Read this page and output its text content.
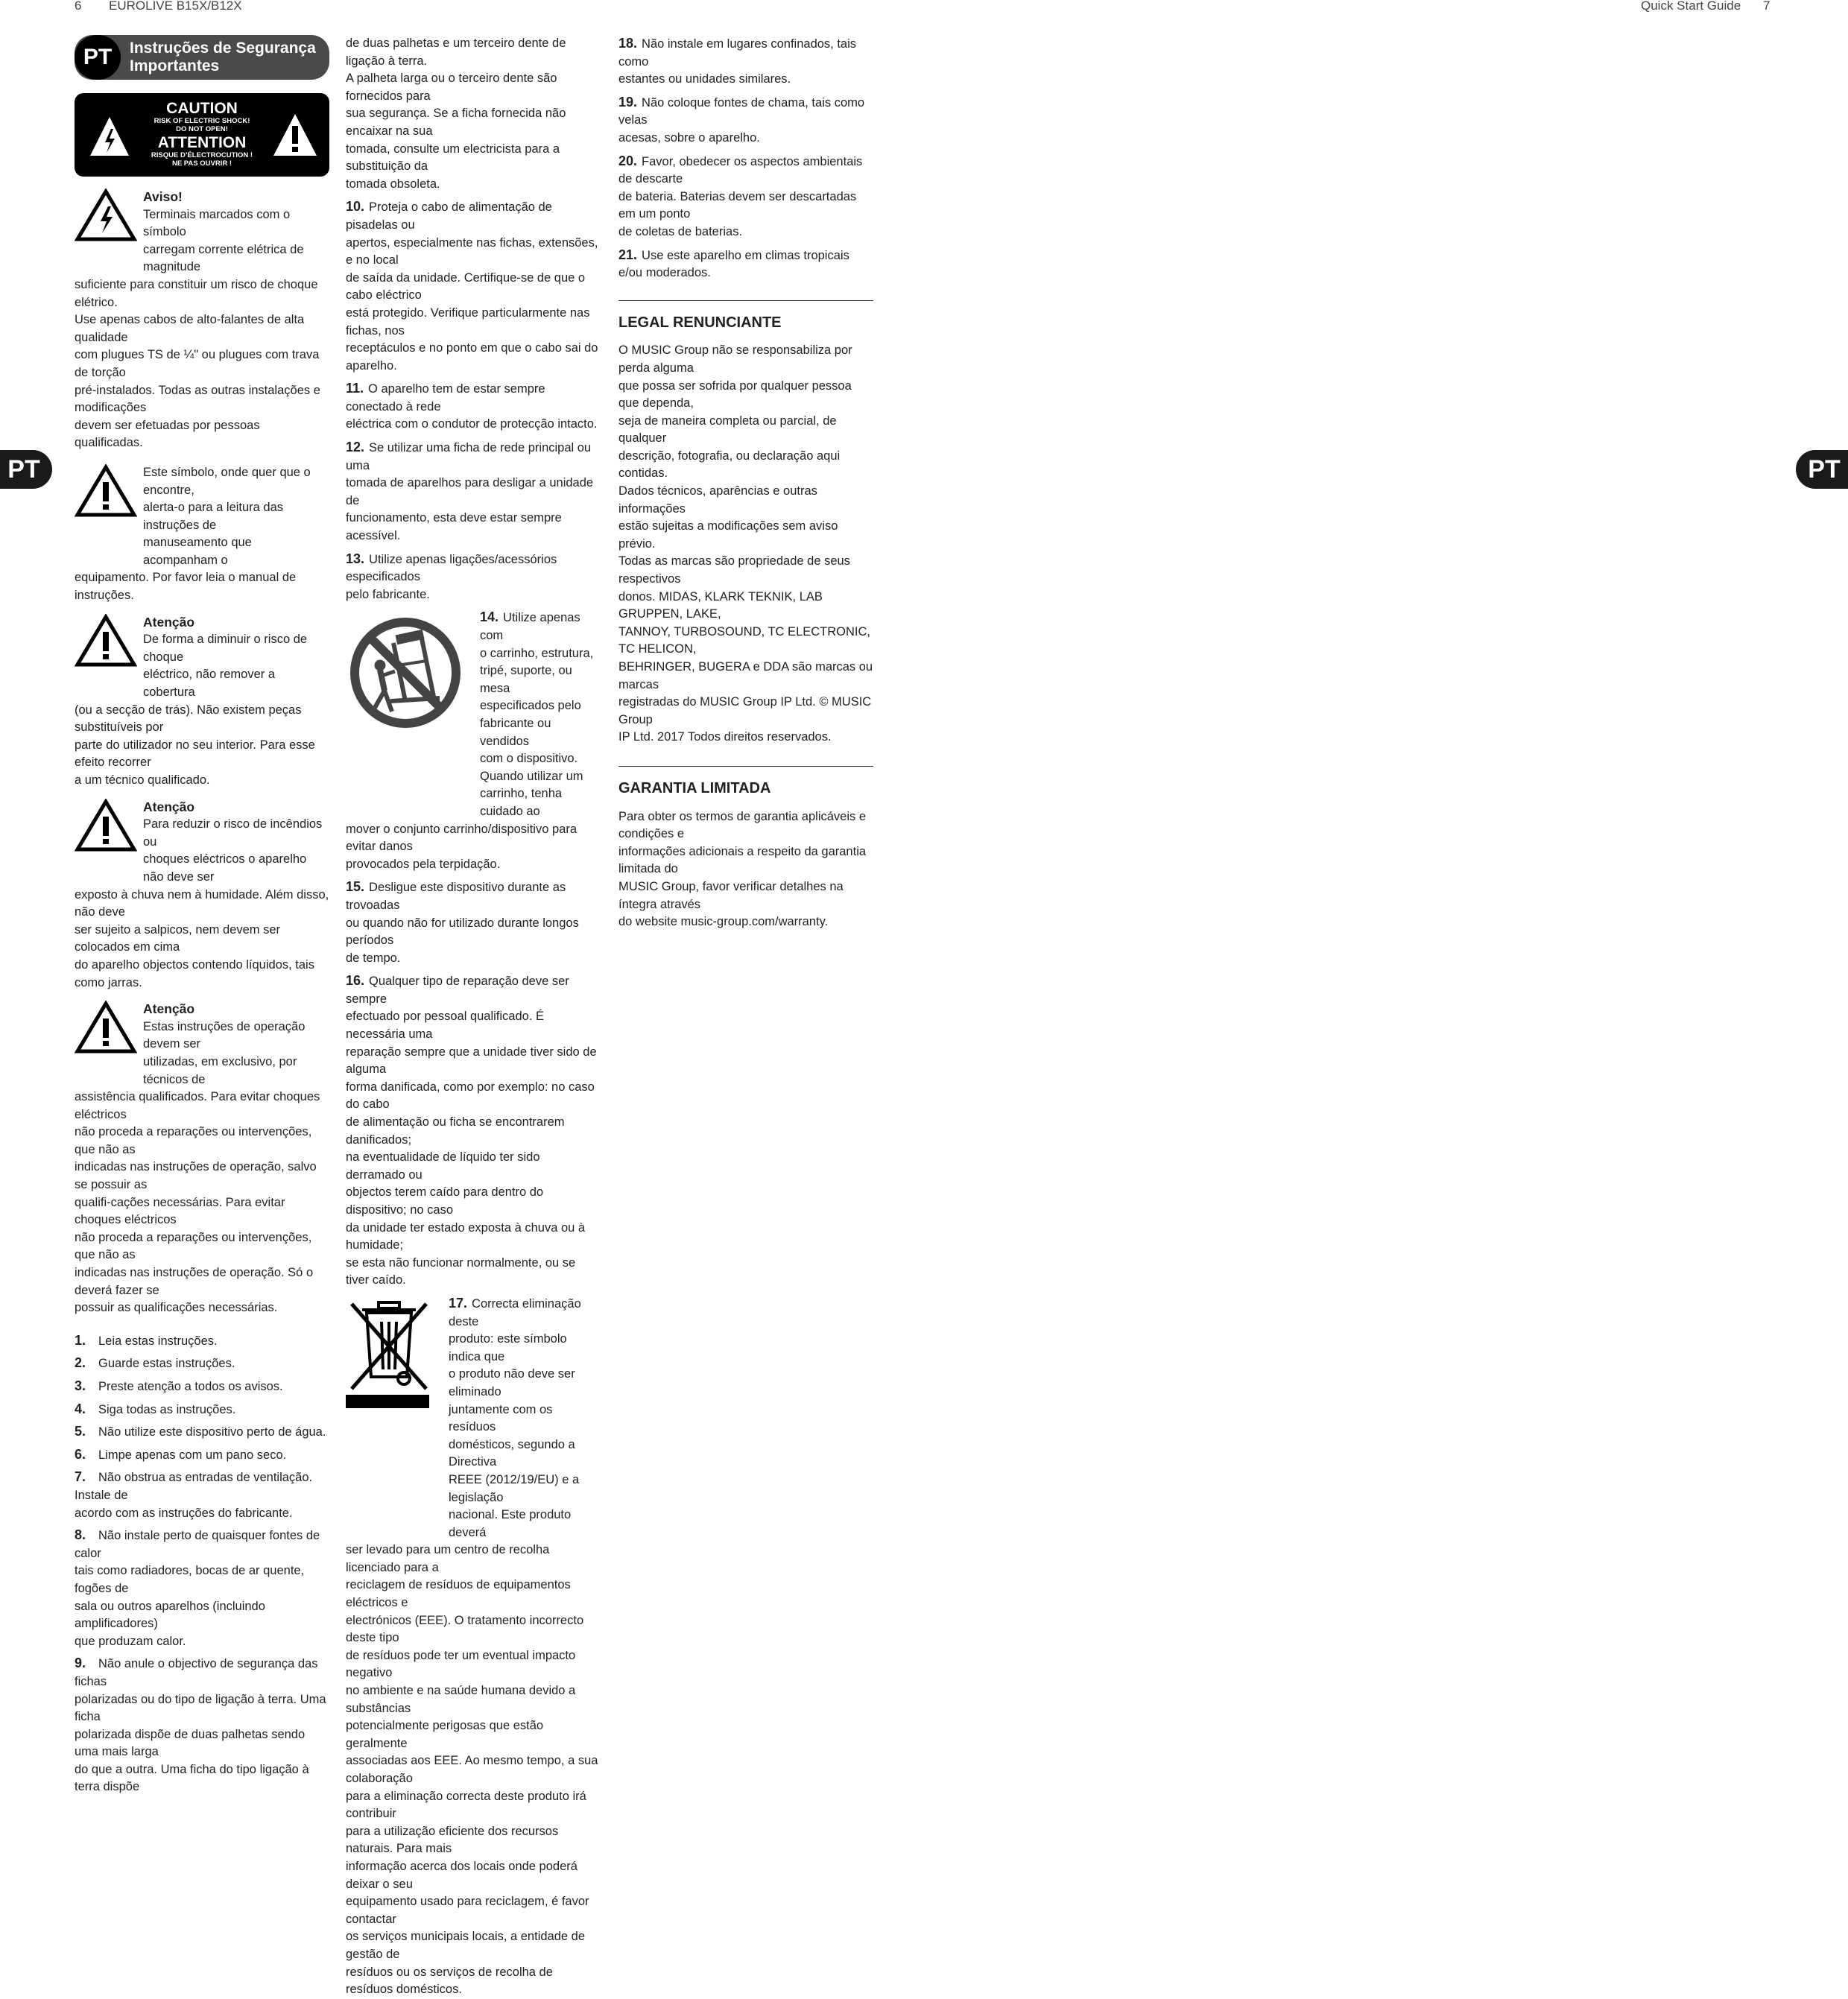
6 EUROLIVE B15X/B12X	Quick Start Guide 7
PT	PT
PT	Instruções de Segurança
Importantes
CAUTION
RISK OF ELECTRIC SHOCK!
DO NOT OPEN!
ATTENTION
RISQUE D’ÉLECTROCUTION !
NE PAS OUVRIR !
Aviso!

Terminais marcados com o símbolo

carregam corrente elétrica de magnitude

suficiente para constituir um risco de choque elétrico.

Use apenas cabos de alto-falantes de alta qualidade

com plugues TS de ¼" ou plugues com trava de torção

pré-instalados. Todas as outras instalações e modificações

devem ser efetuadas por pessoas qualificadas.

Este símbolo, onde quer que o encontre,

alerta-o para a leitura das instruções de

manuseamento que acompanham o

equipamento. Por favor leia o manual de instruções.

Atenção

De forma a diminuir o risco de choque

eléctrico, não remover a cobertura

(ou a secção de trás). Não existem peças substituíveis por

parte do utilizador no seu interior. Para esse efeito recorrer

a um técnico qualificado.

Atenção

Para reduzir o risco de incêndios ou

choques eléctricos o aparelho não deve ser

exposto à chuva nem à humidade. Além disso, não deve

ser sujeito a salpicos, nem devem ser colocados em cima

do aparelho objectos contendo líquidos, tais como jarras.

Atenção

Estas instruções de operação devem ser

utilizadas, em exclusivo, por técnicos de

assistência qualificados. Para evitar choques eléctricos

não proceda a reparações ou intervenções, que não as

indicadas nas instruções de operação, salvo se possuir as

qualifi-cações necessárias. Para evitar choques eléctricos

não proceda a reparações ou intervenções, que não as

indicadas nas instruções de operação. Só o deverá fazer se

possuir as qualificações necessárias.

1. Leia estas instruções.

2. Guarde estas instruções.

3. Preste atenção a todos os avisos.

4. Siga todas as instruções.

5. Não utilize este dispositivo perto de água.

6. Limpe apenas com um pano seco.

7. Não obstrua as entradas de ventilação. Instale de

acordo com as instruções do fabricante.

8. Não instale perto de quaisquer fontes de calor

tais como radiadores, bocas de ar quente, fogões de

sala ou outros aparelhos (incluindo amplificadores)

que produzam calor.

9. Não anule o objectivo de segurança das fichas

polarizadas ou do tipo de ligação à terra. Uma ficha

polarizada dispõe de duas palhetas sendo uma mais larga

do que a outra. Uma ficha do tipo ligação à terra dispõe

de duas palhetas e um terceiro dente de ligação à terra.

A palheta larga ou o terceiro dente são fornecidos para

sua segurança. Se a ficha fornecida não encaixar na sua

tomada, consulte um electricista para a substituição da

tomada obsoleta.

10. Proteja o cabo de alimentação de pisadelas ou

apertos, especialmente nas fichas, extensões, e no local

de saída da unidade. Certifique-se de que o cabo eléctrico

está protegido. Verifique particularmente nas fichas, nos

receptáculos e no ponto em que o cabo sai do aparelho.

11. O aparelho tem de estar sempre conectado à rede

eléctrica com o condutor de protecção intacto.

12. Se utilizar uma ficha de rede principal ou uma

tomada de aparelhos para desligar a unidade de

funcionamento, esta deve estar sempre acessível.

13. Utilize apenas ligações/acessórios especificados

pelo fabricante.

14. Utilize apenas com

o carrinho, estrutura,

tripé, suporte, ou mesa

especificados pelo

fabricante ou vendidos

com o dispositivo.

Quando utilizar um

carrinho, tenha cuidado ao

mover o conjunto carrinho/dispositivo para evitar danos

provocados pela terpidação.

15. Desligue este dispositivo durante as trovoadas

ou quando não for utilizado durante longos períodos

de tempo.

16. Qualquer tipo de reparação deve ser sempre

efectuado por pessoal qualificado. É necessária uma

reparação sempre que a unidade tiver sido de alguma

forma danificada, como por exemplo: no caso do cabo

de alimentação ou ficha se encontrarem danificados;

na eventualidade de líquido ter sido derramado ou

objectos terem caído para dentro do dispositivo; no caso

da unidade ter estado exposta à chuva ou à humidade;

se esta não funcionar normalmente, ou se tiver caído.

17. Correcta eliminação deste

produto: este símbolo indica que

o produto não deve ser eliminado

juntamente com os resíduos

domésticos, segundo a Directiva

REEE (2012/19/EU) e a legislação

nacional. Este produto deverá

ser levado para um centro de recolha licenciado para a

reciclagem de resíduos de equipamentos eléctricos e

electrónicos (EEE). O tratamento incorrecto deste tipo

de resíduos pode ter um eventual impacto negativo

no ambiente e na saúde humana devido a substâncias

potencialmente perigosas que estão geralmente

associadas aos EEE. Ao mesmo tempo, a sua colaboração

para a eliminação correcta deste produto irá contribuir

para a utilização eficiente dos recursos naturais. Para mais

informação acerca dos locais onde poderá deixar o seu

equipamento usado para reciclagem, é favor contactar

os serviços municipais locais, a entidade de gestão de

resíduos ou os serviços de recolha de resíduos domésticos.

18. Não instale em lugares confinados, tais como

estantes ou unidades similares.

19. Não coloque fontes de chama, tais como velas

acesas, sobre o aparelho.

20. Favor, obedecer os aspectos ambientais de descarte

de bateria. Baterias devem ser descartadas em um ponto

de coletas de baterias.

21. Use este aparelho em climas tropicais

e/ou moderados.

LEGAL RENUNCIANTE

O MUSIC Group não se responsabiliza por perda alguma

que possa ser sofrida por qualquer pessoa que dependa,

seja de maneira completa ou parcial, de qualquer

descrição, fotografia, ou declaração aqui contidas.

Dados técnicos, aparências e outras informações

estão sujeitas a modificações sem aviso prévio.

Todas as marcas são propriedade de seus respectivos

donos. MIDAS, KLARK TEKNIK, LAB GRUPPEN, LAKE,

TANNOY, TURBOSOUND, TC ELECTRONIC, TC HELICON,

BEHRINGER, BUGERA e DDA são marcas ou marcas

registradas do MUSIC Group IP Ltd. © MUSIC Group

IP Ltd. 2017 Todos direitos reservados.

GARANTIA LIMITADA

Para obter os termos de garantia aplicáveis e condições e

informações adicionais a respeito da garantia limitada do

MUSIC Group, favor verificar detalhes na íntegra através

do website music-group.com/warranty.
